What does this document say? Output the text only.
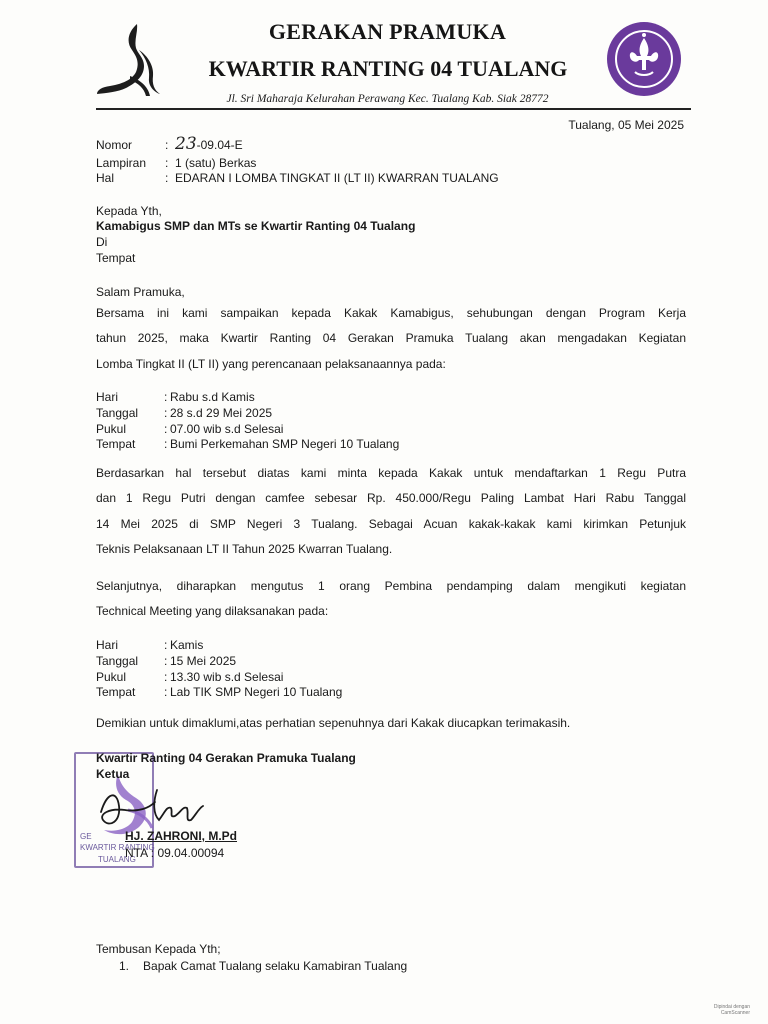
GERAKAN PRAMUKA
KWARTIR RANTING 04 TUALANG
Jl. Sri Maharaja Kelurahan Perawang Kec. Tualang Kab. Siak 28772
Tualang, 05 Mei 2025
Nomor	: 23-09.04-E
Lampiran : 1 (satu) Berkas
Hal	: EDARAN I LOMBA TINGKAT II (LT II) KWARRAN TUALANG
Kepada Yth,
Kamabigus SMP dan MTs se Kwartir Ranting 04 Tualang
Di
Tempat
Salam Pramuka,
Bersama ini kami sampaikan kepada Kakak Kamabigus, sehubungan dengan Program Kerja
tahun 2025, maka Kwartir Ranting 04 Gerakan Pramuka Tualang akan mengadakan Kegiatan
Lomba Tingkat II (LT II) yang perencanaan pelaksanaannya pada:
Hari	: Rabu s.d Kamis
Tanggal : 28 s.d 29 Mei 2025
Pukul	: 07.00 wib s.d Selesai
Tempat : Bumi Perkemahan SMP Negeri 10 Tualang
Berdasarkan hal tersebut diatas kami minta kepada Kakak untuk mendaftarkan 1 Regu Putra
dan 1 Regu Putri dengan camfee sebesar Rp. 450.000/Regu Paling Lambat Hari Rabu Tanggal
14 Mei 2025 di SMP Negeri 3 Tualang. Sebagai Acuan kakak-kakak kami kirimkan Petunjuk
Teknis Pelaksanaan LT II Tahun 2025 Kwarran Tualang.
Selanjutnya, diharapkan mengutus 1 orang Pembina pendamping dalam mengikuti kegiatan
Technical Meeting yang dilaksanakan pada:
Hari	: Kamis
Tanggal : 15 Mei 2025
Pukul	: 13.30 wib s.d Selesai
Tempat : Lab TIK SMP Negeri 10 Tualang
Demikian untuk dimaklumi,atas perhatian sepenuhnya dari Kakak diucapkan terimakasih.
GE
KWARTIR RANTING
TUALANG
Kwartir Ranting 04 Gerakan Pramuka Tualang
Ketua
HJ. ZAHRONI, M.Pd
NTA : 09.04.00094
Tembusan Kepada Yth;
1. Bapak Camat Tualang selaku Kamabiran Tualang
Dipindai dengan
CamScanner
